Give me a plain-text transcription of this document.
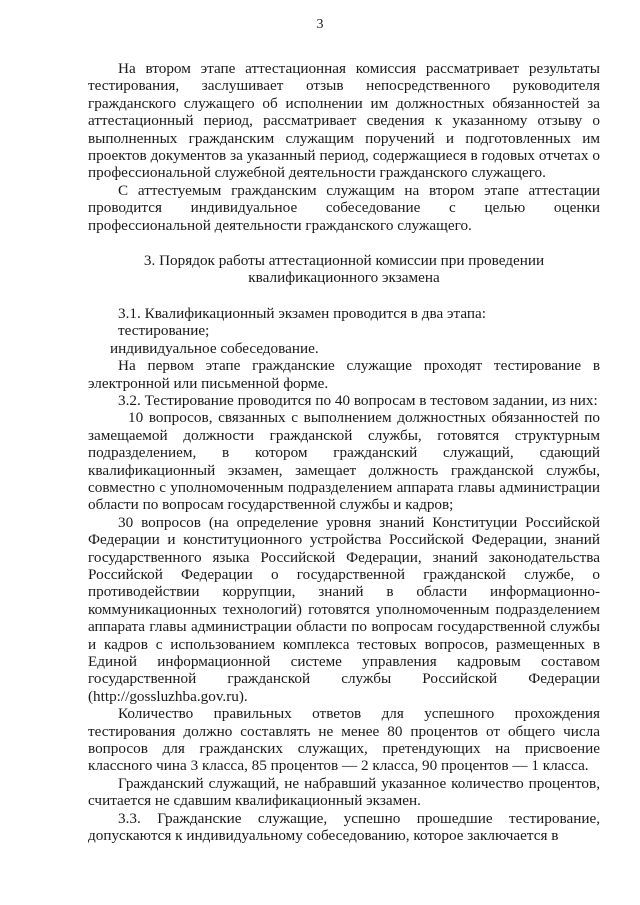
3

На втором этапе аттестационная комиссия рассматривает результаты тестирования, заслушивает отзыв непосредственного руководителя гражданского служащего об исполнении им должностных обязанностей за аттестационный период, рассматривает сведения к указанному отзыву о выполненных гражданским служащим поручений и подготовленных им проектов документов за указанный период, содержащиеся в годовых отчетах о профессиональной служебной деятельности гражданского служащего.

С аттестуемым гражданским служащим на втором этапе аттестации проводится индивидуальное собеседование с целью оценки профессиональной деятельности гражданского служащего.

3. Порядок работы аттестационной комиссии при проведении квалификационного экзамена

3.1. Квалификационный экзамен проводится в два этапа:

тестирование;

индивидуальное собеседование.

На первом этапе гражданские служащие проходят тестирование в электронной или письменной форме.

3.2. Тестирование проводится по 40 вопросам в тестовом задании, из них:

10 вопросов, связанных с выполнением должностных обязанностей по замещаемой должности гражданской службы, готовятся структурным подразделением, в котором гражданский служащий, сдающий квалификационный экзамен, замещает должность гражданской службы, совместно с уполномоченным подразделением аппарата главы администрации области по вопросам государственной службы и кадров;

30 вопросов (на определение уровня знаний Конституции Российской Федерации и конституционного устройства Российской Федерации, знаний государственного языка Российской Федерации, знаний законодательства Российской Федерации о государственной гражданской службе, о противодействии коррупции, знаний в области информационно-коммуникационных технологий) готовятся уполномоченным подразделением аппарата главы администрации области по вопросам государственной службы и кадров с использованием комплекса тестовых вопросов, размещенных в Единой информационной системе управления кадровым составом государственной гражданской службы Российской Федерации (http://gossluzhba.gov.ru).

Количество правильных ответов для успешного прохождения тестирования должно составлять не менее 80 процентов от общего числа вопросов для гражданских служащих, претендующих на присвоение классного чина 3 класса, 85 процентов — 2 класса, 90 процентов — 1 класса.

Гражданский служащий, не набравший указанное количество процентов, считается не сдавшим квалификационный экзамен.

3.3. Гражданские служащие, успешно прошедшие тестирование, допускаются к индивидуальному собеседованию, которое заключается в
